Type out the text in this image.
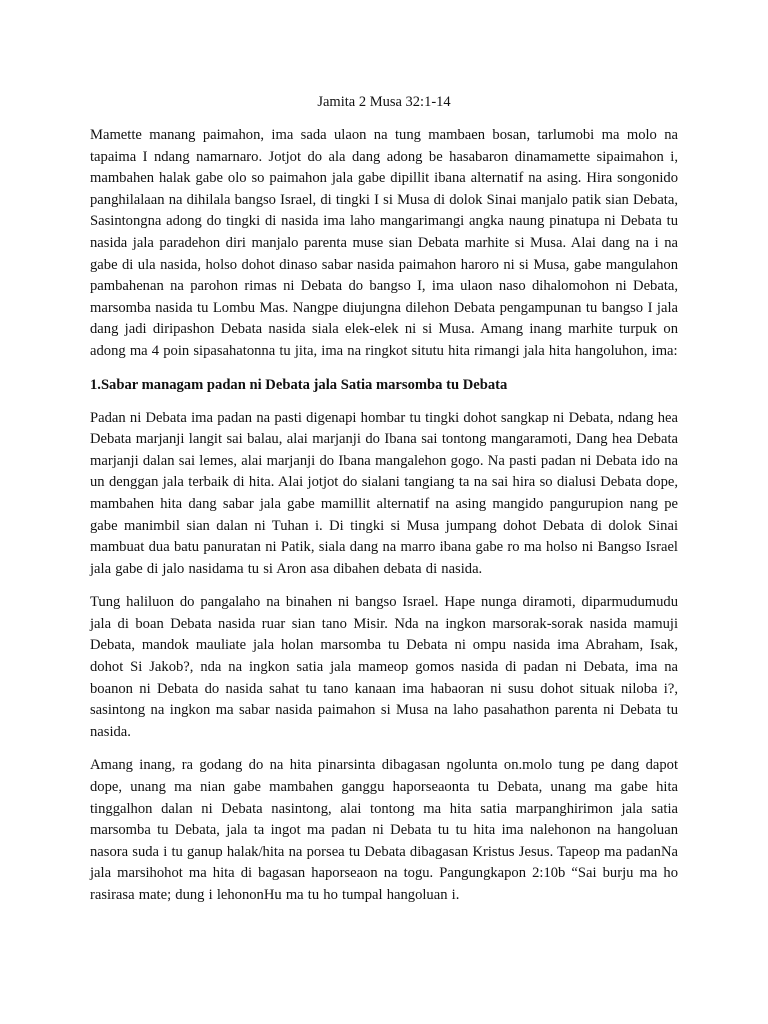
Jamita 2 Musa 32:1-14

Mamette manang paimahon, ima sada ulaon na tung mambaen bosan, tarlumobi ma molo na tapaima I ndang namarnaro. Jotjot do ala dang adong be hasabaron dinamamette sipaimahon i, mambahen halak gabe olo so paimahon jala gabe dipillit ibana alternatif na asing. Hira songonido panghilalaan na dihilala bangso Israel, di tingki I si Musa di dolok Sinai manjalo patik sian Debata, Sasintongna adong do tingki di nasida ima laho mangarimangi angka naung pinatupa ni Debata tu nasida jala paradehon diri manjalo parenta muse sian Debata marhite si Musa. Alai dang na i na gabe di ula nasida, holso dohot dinaso sabar nasida paimahon haroro ni si Musa, gabe mangulahon pambahenan na parohon rimas ni Debata do bangso I, ima ulaon naso dihalomohon ni Debata, marsomba nasida tu Lombu Mas. Nangpe diujungna dilehon Debata pengampunan tu bangso I jala dang jadi diripashon Debata nasida siala elek-elek ni si Musa. Amang inang marhite turpuk on adong ma 4 poin sipasahatonna tu jita, ima na ringkot situtu hita rimangi jala hita hangoluhon, ima:

1.Sabar managam padan ni Debata jala Satia marsomba tu Debata

Padan ni Debata ima padan na pasti digenapi hombar tu tingki dohot sangkap ni Debata, ndang hea Debata marjanji langit sai balau, alai marjanji do Ibana sai tontong mangaramoti, Dang hea Debata marjanji dalan sai lemes, alai marjanji do Ibana mangalehon gogo. Na pasti padan ni Debata ido na un denggan jala terbaik di hita. Alai jotjot do sialani tangiang ta na sai hira so dialusi Debata dope, mambahen hita dang sabar jala gabe mamillit alternatif na asing mangido pangurupion nang pe gabe manimbil sian dalan ni Tuhan i. Di tingki si Musa jumpang dohot Debata di dolok Sinai mambuat dua batu panuratan ni Patik, siala dang na marro ibana gabe ro ma holso ni Bangso Israel jala gabe di jalo nasidama tu si Aron asa dibahen debata di nasida.

Tung haliluon do pangalaho na binahen ni bangso Israel. Hape nunga diramoti, diparmudumudu jala di boan Debata nasida ruar sian tano Misir. Nda na ingkon marsorak-sorak nasida mamuji Debata, mandok mauliate jala holan marsomba tu Debata ni ompu nasida ima Abraham, Isak, dohot Si Jakob?, nda na ingkon satia jala mameop gomos nasida di padan ni Debata, ima na boanon ni Debata do nasida sahat tu tano kanaan ima habaoran ni susu dohot situak niloba i?, sasintong na ingkon ma sabar nasida paimahon si Musa na laho pasahathon parenta ni Debata tu nasida.

Amang inang, ra godang do na hita pinarsinta dibagasan ngolunta on.molo tung pe dang dapot dope, unang ma nian gabe mambahen ganggu haporseaonta tu Debata, unang ma gabe hita tinggalhon dalan ni Debata nasintong, alai tontong ma hita satia marpanghirimon jala satia marsomba tu Debata, jala ta ingot ma padan ni Debata tu tu hita ima nalehonon na hangoluan nasora suda i tu ganup halak/hita na porsea tu Debata dibagasan Kristus Jesus. Tapeop ma padanNa jala marsihohot ma hita di bagasan haporseaon na togu. Pangungkapon 2:10b “Sai burju ma ho rasirasa mate; dung i lehononHu ma tu ho tumpal hangoluan i.
